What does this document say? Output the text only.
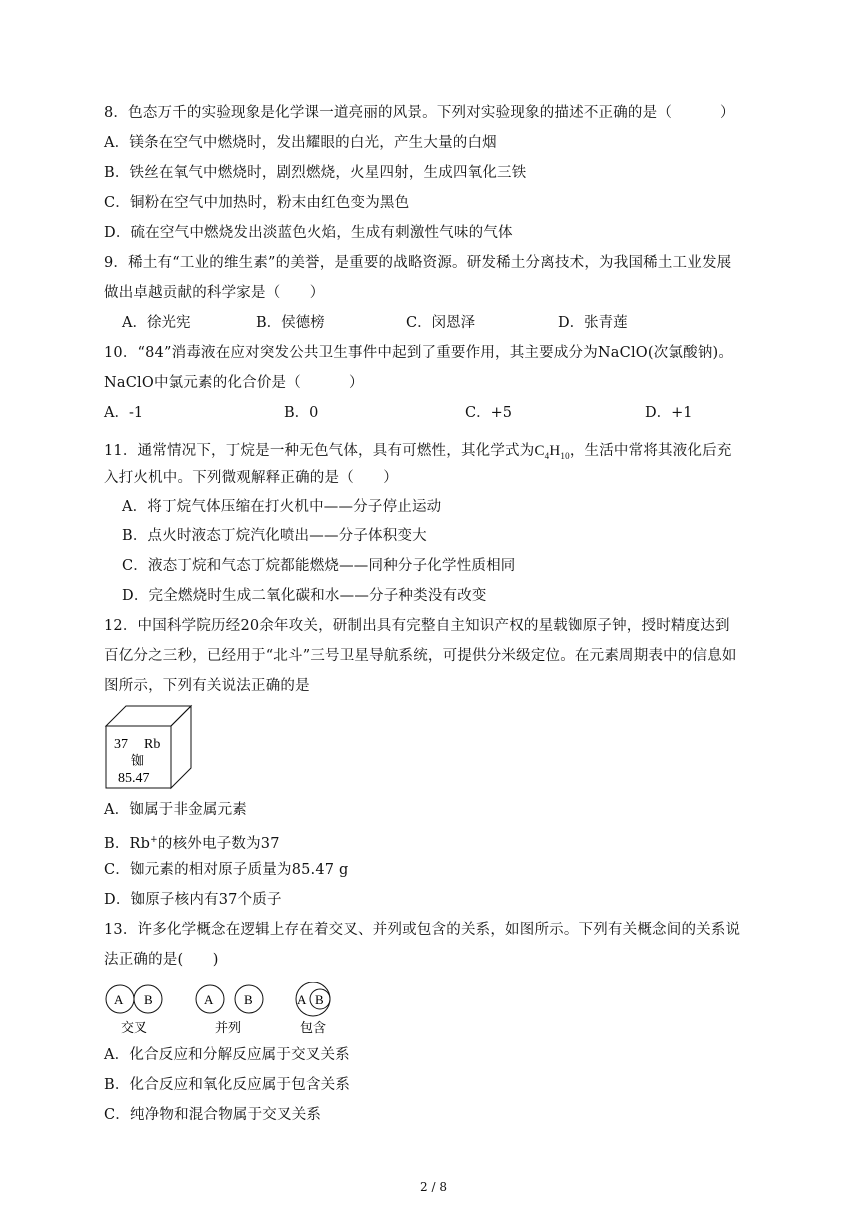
8．色态万千的实验现象是化学课一道亮丽的风景。下列对实验现象的描述不正确的是（	）
A．镁条在空气中燃烧时，发出耀眼的白光，产生大量的白烟
B．铁丝在氧气中燃烧时，剧烈燃烧，火星四射，生成四氧化三铁
C．铜粉在空气中加热时，粉末由红色变为黑色
D．硫在空气中燃烧发出淡蓝色火焰，生成有刺激性气味的气体
9．稀土有“工业的维生素”的美誉，是重要的战略资源。研发稀土分离技术，为我国稀土工业发展
做出卓越贡献的科学家是（　　）
A．徐光宪	B．侯德榜	C．闵恩泽	D．张青莲
10．“84”消毒液在应对突发公共卫生事件中起到了重要作用，其主要成分为NaClO(次氯酸钠)。
NaClO中氯元素的化合价是（	）
A．-1	B．0	C．+5	D．+1
11．通常情况下，丁烷是一种无色气体，具有可燃性，其化学式为$C_4H_{10}$，生活中常将其液化后充
入打火机中。下列微观解释正确的是（　　）
A．将丁烷气体压缩在打火机中——分子停止运动
B．点火时液态丁烷汽化喷出——分子体积变大
C．液态丁烷和气态丁烷都能燃烧——同种分子化学性质相同
D．完全燃烧时生成二氧化碳和水——分子种类没有改变
12．中国科学院历经20余年攻关，研制出具有完整自主知识产权的星载铷原子钟，授时精度达到
百亿分之三秒，已经用于“北斗”三号卫星导航系统，可提供分米级定位。在元素周期表中的信息如
图所示，下列有关说法正确的是
37 Rb
铷
85.47
A．铷属于非金属元素
B．Rb+的核外电子数为37
C．铷元素的相对原子质量为85.47 g
D．铷原子核内有37个质子
13．许多化学概念在逻辑上存在着交叉、并列或包含的关系，如图所示。下列有关概念间的关系说
法正确的是(　　)
A B	A B	A B
交叉	并列	包含
A．化合反应和分解反应属于交叉关系
B．化合反应和氧化反应属于包含关系
C．纯净物和混合物属于交叉关系
2 / 8
